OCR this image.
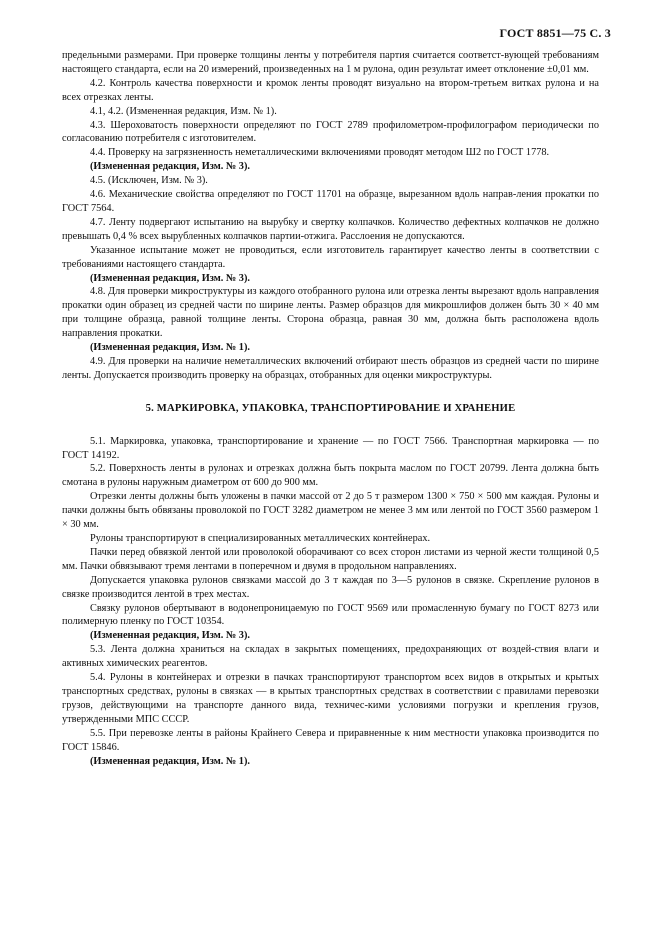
ГОСТ 8851—75 С. 3

предельными размерами. При проверке толщины ленты у потребителя партия считается соответст-вующей требованиям настоящего стандарта, если на 20 измерений, произведенных на 1 м рулона, один результат имеет отклонение ±0,01 мм.

4.2. Контроль качества поверхности и кромок ленты проводят визуально на втором-третьем витках рулона и на всех отрезках ленты.

4.1, 4.2. (Измененная редакция, Изм. № 1).

4.3. Шероховатость поверхности определяют по ГОСТ 2789 профилометром-профилографом периодически по согласованию потребителя с изготовителем.

4.4. Проверку на загрязненность неметаллическими включениями проводят методом Ш2 по ГОСТ 1778.

(Измененная редакция, Изм. № 3).

4.5. (Исключен, Изм. № 3).

4.6. Механические свойства определяют по ГОСТ 11701 на образце, вырезанном вдоль направ-ления прокатки по ГОСТ 7564.

4.7. Ленту подвергают испытанию на вырубку и свертку колпачков. Количество дефектных колпачков не должно превышать 0,4 % всех вырубленных колпачков партии-отжига. Расслоения не допускаются.

Указанное испытание может не проводиться, если изготовитель гарантирует качество ленты в соответствии с требованиями настоящего стандарта.

(Измененная редакция, Изм. № 3).

4.8. Для проверки микроструктуры из каждого отобранного рулона или отрезка ленты вырезают вдоль направления прокатки один образец из средней части по ширине ленты. Размер образцов для микрошлифов должен быть 30 × 40 мм при толщине образца, равной толщине ленты. Сторона образца, равная 30 мм, должна быть расположена вдоль направления прокатки.

(Измененная редакция, Изм. № 1).

4.9. Для проверки на наличие неметаллических включений отбирают шесть образцов из средней части по ширине ленты. Допускается производить проверку на образцах, отобранных для оценки микроструктуры.

5. МАРКИРОВКА, УПАКОВКА, ТРАНСПОРТИРОВАНИЕ И ХРАНЕНИЕ

5.1. Маркировка, упаковка, транспортирование и хранение — по ГОСТ 7566. Транспортная маркировка — по ГОСТ 14192.

5.2. Поверхность ленты в рулонах и отрезках должна быть покрыта маслом по ГОСТ 20799. Лента должна быть смотана в рулоны наружным диаметром от 600 до 900 мм.

Отрезки ленты должны быть уложены в пачки массой от 2 до 5 т размером 1300 × 750 × 500 мм каждая. Рулоны и пачки должны быть обвязаны проволокой по ГОСТ 3282 диаметром не менее 3 мм или лентой по ГОСТ 3560 размером 1 × 30 мм.

Рулоны транспортируют в специализированных металлических контейнерах.

Пачки перед обвязкой лентой или проволокой оборачивают со всех сторон листами из черной жести толщиной 0,5 мм. Пачки обвязывают тремя лентами в поперечном и двумя в продольном направлениях.

Допускается упаковка рулонов связками массой до 3 т каждая по 3—5 рулонов в связке. Скрепление рулонов в связке производится лентой в трех местах.

Связку рулонов обертывают в водонепроницаемую по ГОСТ 9569 или промасленную бумагу по ГОСТ 8273 или полимерную пленку по ГОСТ 10354.

(Измененная редакция, Изм. № 3).

5.3. Лента должна храниться на складах в закрытых помещениях, предохраняющих от воздей-ствия влаги и активных химических реагентов.

5.4. Рулоны в контейнерах и отрезки в пачках транспортируют транспортом всех видов в открытых и крытых транспортных средствах, рулоны в связках — в крытых транспортных средствах в соответствии с правилами перевозки грузов, действующими на транспорте данного вида, техничес-кими условиями погрузки и крепления грузов, утвержденными МПС СССР.

5.5. При перевозке ленты в районы Крайнего Севера и приравненные к ним местности упаковка производится по ГОСТ 15846.

(Измененная редакция, Изм. № 1).
